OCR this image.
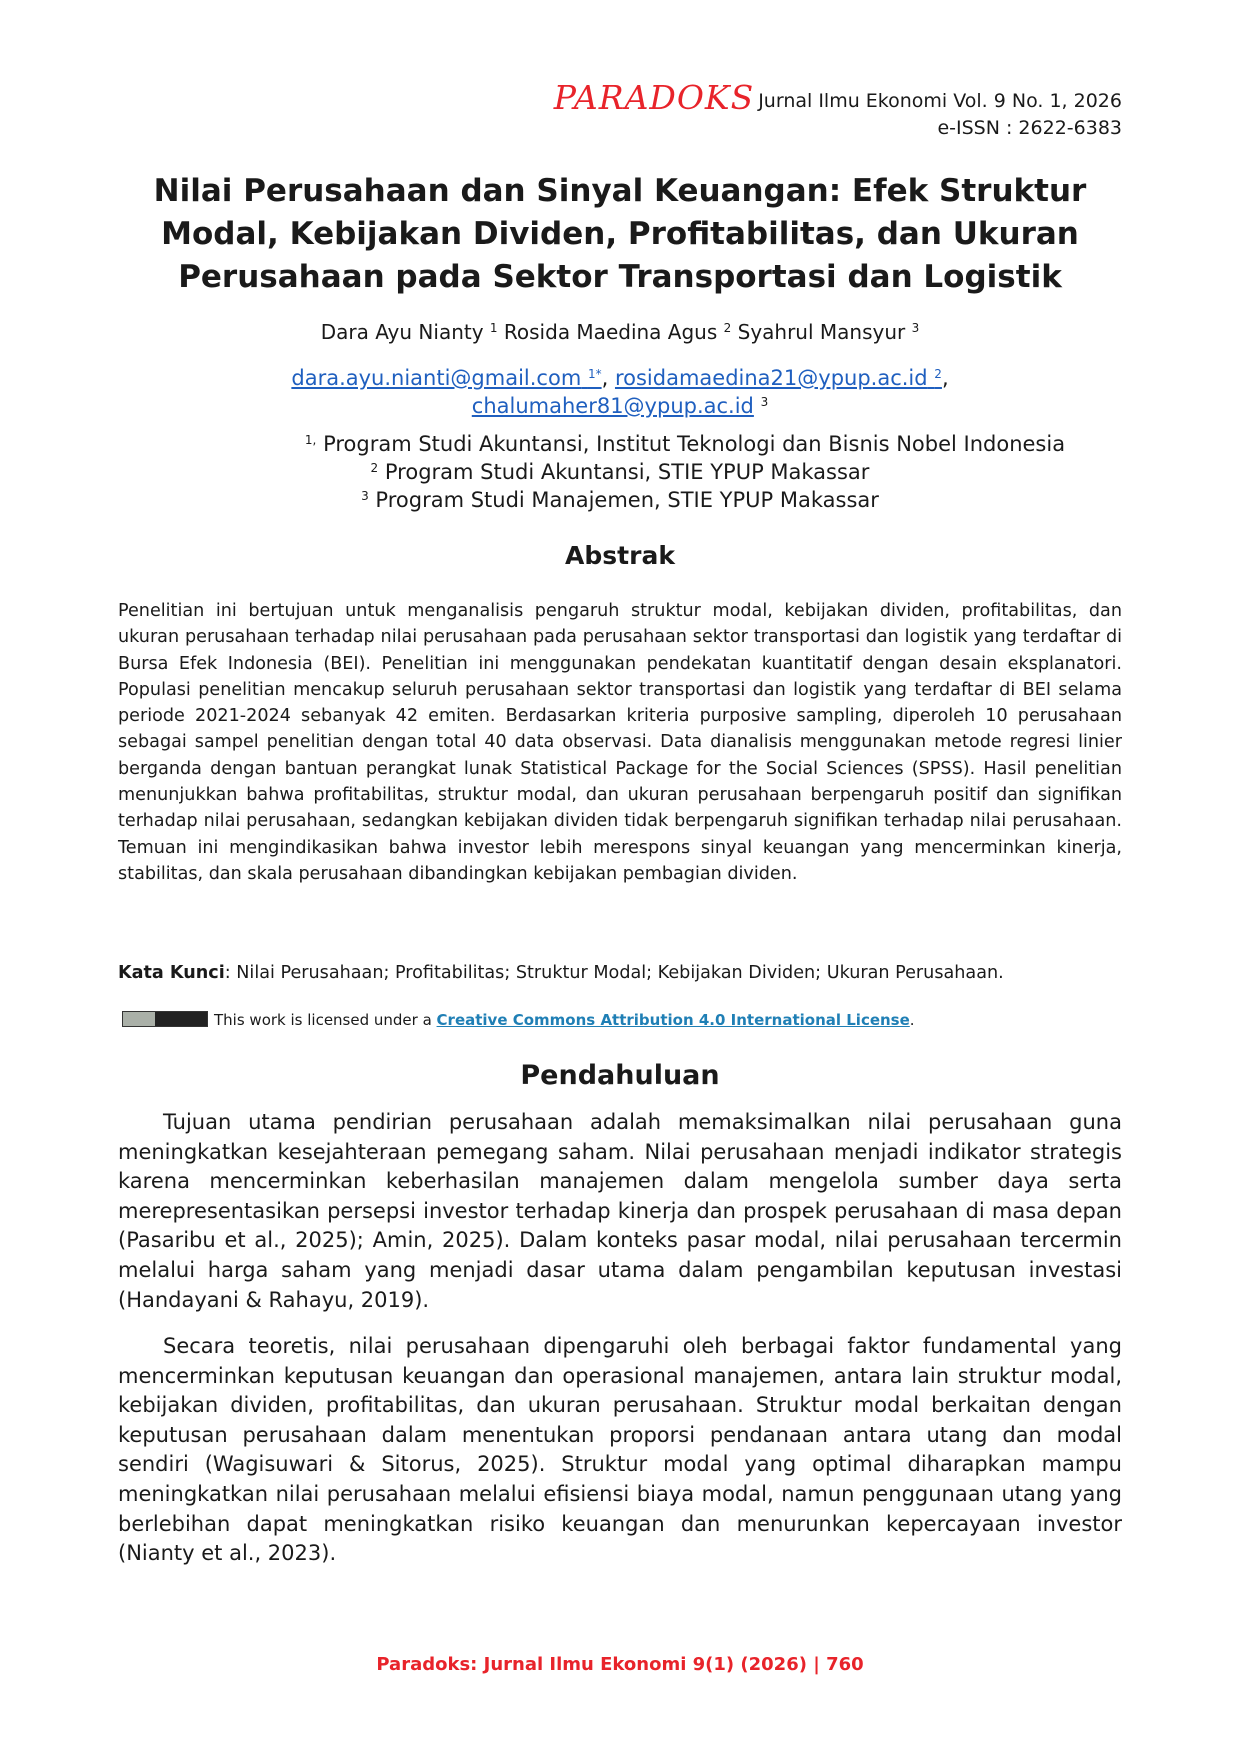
PARADOKS Jurnal Ilmu Ekonomi Vol. 9 No. 1, 2026
e-ISSN : 2622-6383
Nilai Perusahaan dan Sinyal Keuangan: Efek Struktur Modal, Kebijakan Dividen, Profitabilitas, dan Ukuran Perusahaan pada Sektor Transportasi dan Logistik
Dara Ayu Nianty $^1$ Rosida Maedina Agus $^2$ Syahrul Mansyur $^3$
dara.ayu.nianti@gmail.com $^{1*}$, rosidamaedina21@ypup.ac.id $^2$,
chalumaher81@ypup.ac.id $^3$
$^{1,}$ Program Studi Akuntansi, Institut Teknologi dan Bisnis Nobel Indonesia
$^2$ Program Studi Akuntansi, STIE YPUP Makassar
$^3$ Program Studi Manajemen, STIE YPUP Makassar
Abstrak

Penelitian ini bertujuan untuk menganalisis pengaruh struktur modal, kebijakan dividen, profitabilitas, dan ukuran perusahaan terhadap nilai perusahaan pada perusahaan sektor transportasi dan logistik yang terdaftar di Bursa Efek Indonesia (BEI). Penelitian ini menggunakan pendekatan kuantitatif dengan desain eksplanatori. Populasi penelitian mencakup seluruh perusahaan sektor transportasi dan logistik yang terdaftar di BEI selama periode 2021-2024 sebanyak 42 emiten. Berdasarkan kriteria purposive sampling, diperoleh 10 perusahaan sebagai sampel penelitian dengan total 40 data observasi. Data dianalisis menggunakan metode regresi linier berganda dengan bantuan perangkat lunak Statistical Package for the Social Sciences (SPSS). Hasil penelitian menunjukkan bahwa profitabilitas, struktur modal, dan ukuran perusahaan berpengaruh positif dan signifikan terhadap nilai perusahaan, sedangkan kebijakan dividen tidak berpengaruh signifikan terhadap nilai perusahaan. Temuan ini mengindikasikan bahwa investor lebih merespons sinyal keuangan yang mencerminkan kinerja, stabilitas, dan skala perusahaan dibandingkan kebijakan pembagian dividen.

Kata Kunci: Nilai Perusahaan; Profitabilitas; Struktur Modal; Kebijakan Dividen; Ukuran Perusahaan.
This work is licensed under a Creative Commons Attribution 4.0 International License.
Pendahuluan

Tujuan utama pendirian perusahaan adalah memaksimalkan nilai perusahaan guna meningkatkan kesejahteraan pemegang saham. Nilai perusahaan menjadi indikator strategis karena mencerminkan keberhasilan manajemen dalam mengelola sumber daya serta merepresentasikan persepsi investor terhadap kinerja dan prospek perusahaan di masa depan (Pasaribu et al., 2025); Amin, 2025). Dalam konteks pasar modal, nilai perusahaan tercermin melalui harga saham yang menjadi dasar utama dalam pengambilan keputusan investasi (Handayani & Rahayu, 2019).

Secara teoretis, nilai perusahaan dipengaruhi oleh berbagai faktor fundamental yang mencerminkan keputusan keuangan dan operasional manajemen, antara lain struktur modal, kebijakan dividen, profitabilitas, dan ukuran perusahaan. Struktur modal berkaitan dengan keputusan perusahaan dalam menentukan proporsi pendanaan antara utang dan modal sendiri (Wagisuwari & Sitorus, 2025). Struktur modal yang optimal diharapkan mampu meningkatkan nilai perusahaan melalui efisiensi biaya modal, namun penggunaan utang yang berlebihan dapat meningkatkan risiko keuangan dan menurunkan kepercayaan investor (Nianty et al., 2023).

Paradoks: Jurnal Ilmu Ekonomi 9(1) (2026) | 760
